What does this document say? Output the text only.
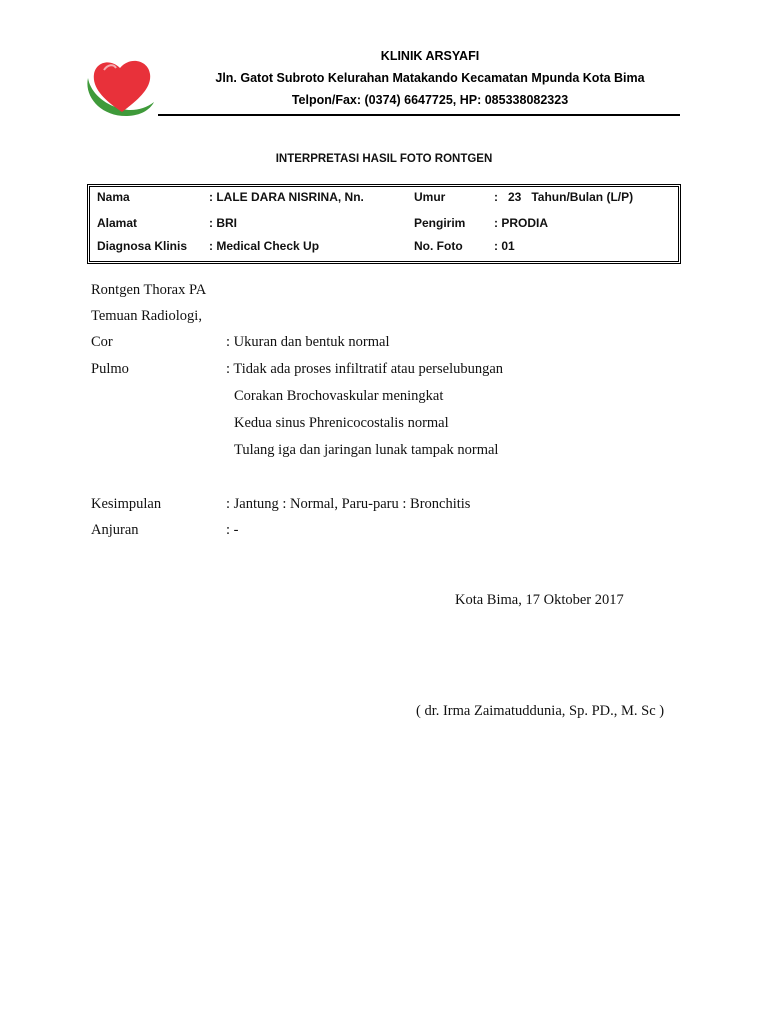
KLINIK ARSYAFI
Jln. Gatot Subroto Kelurahan Matakando Kecamatan Mpunda Kota Bima
Telpon/Fax: (0374) 6647725, HP: 085338082323
INTERPRETASI HASIL FOTO RONTGEN
Nama	: LALE DARA NISRINA, Nn.	Umur	:   23   Tahun/Bulan (L/P)
Alamat	: BRI	Pengirim : PRODIA
Diagnosa Klinis : Medical Check Up	No. Foto	: 01
Rontgen Thorax PA
Temuan Radiologi,
Cor	: Ukuran dan bentuk normal
Pulmo	: Tidak ada proses infiltratif atau perselubungan
Corakan Brochovaskular meningkat
Kedua sinus Phrenicocostalis normal
Tulang iga dan jaringan lunak tampak normal
Kesimpulan	: Jantung : Normal, Paru-paru : Bronchitis
Anjuran	: -
Kota Bima, 17 Oktober 2017
( dr. Irma Zaimatuddunia, Sp. PD., M. Sc )
